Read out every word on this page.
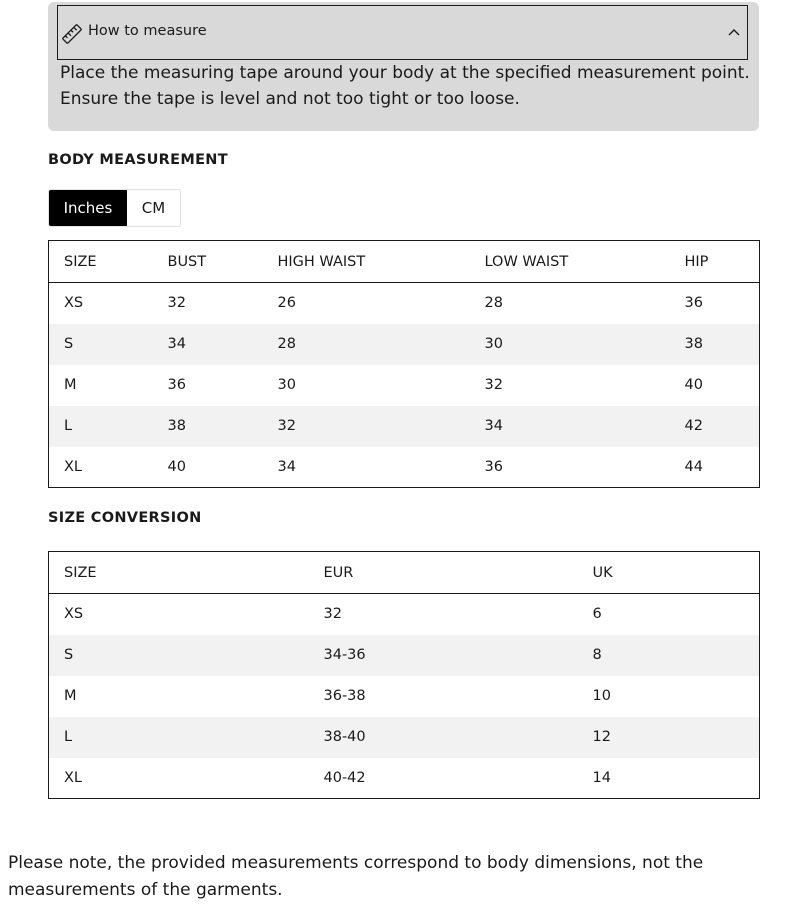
How to measure
Place the measuring tape around your body at the specified measurement point. Ensure the tape is level and not too tight or too loose.
BODY MEASUREMENT
Inches	CM
SIZE	BUST	HIGH WAIST	LOW WAIST	HIP
XS	32	26	28	36
S	34	28	30	38
M	36	30	32	40
L	38	32	34	42
XL	40	34	36	44
SIZE CONVERSION
SIZE	EUR	UK
XS	32	6
S	34-36	8
M	36-38	10
L	38-40	12
XL	40-42	14
Please note, the provided measurements correspond to body dimensions, not the measurements of the garments.
